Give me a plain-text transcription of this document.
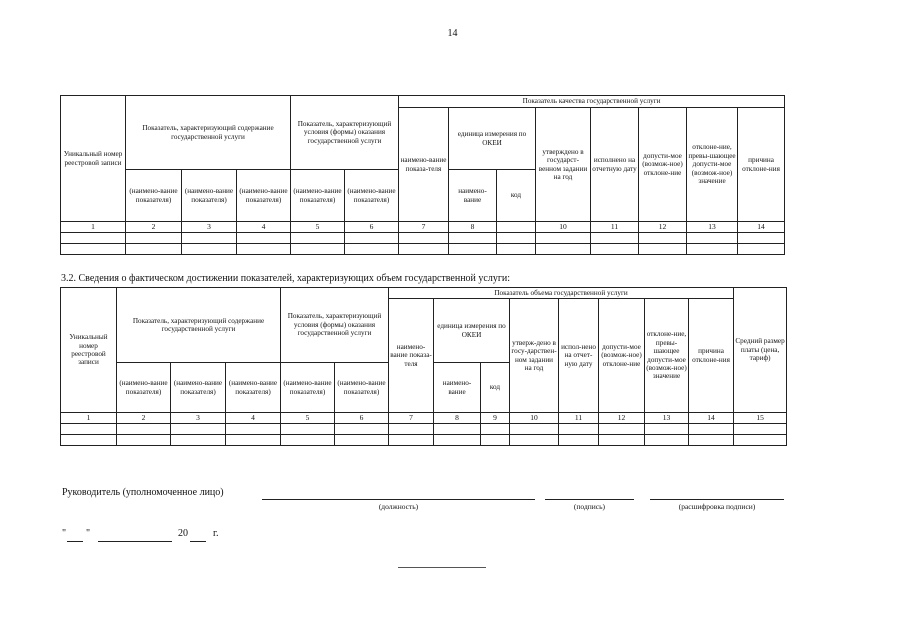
14
Уникальный номер реестровой записи	Показатель, характеризующий содержание государственной услуги			Показатель, характеризующий условия (формы) оказания государственной услуги		Показатель качества государственной услуги							
						наимено-вание показа-теля	единица измерения по ОКЕИ		утверждено в государст-венном задании на год	исполнено на отчетную дату	допусти-мое (возмож-ное) отклоне-ние	отклоне-ние, превы-шающее допусти-мое (возмож-ное) значение	причина отклоне-ния
	(наимено-вание показателя)	(наимено-вание показателя)	(наимено-вание показателя)	(наимено-вание показателя)	(наимено-вание показателя)		наимено-вание	код					
1	2	3	4	5	6	7	8		10	11	12	13	14

3.2. Сведения о фактическом достижении показателей, характеризующих объем государственной услуги:
Уникальный номер реестровой записи	Показатель, характеризующий содержание государственной услуги			Показатель, характеризующий условия (формы) оказания государственной услуги		Показатель объема государственной услуги								Средний размер платы (цена, тариф)
						наимено-вание показа-теля	единица измерения по ОКЕИ		утверж-дено в госу-дарствен-ном задании на год	испол-нено на отчет-ную дату	допусти-мое (возмож-ное) отклоне-ние	отклоне-ние, превы-шающее допусти-мое (возмож-ное) значение	причина отклоне-ния	
	(наимено-вание показателя)	(наимено-вание показателя)	(наимено-вание показателя)	(наимено-вание показателя)	(наимено-вание показателя)		наимено-вание	код						
1	2	3	4	5	6	7	8	9	10	11	12	13	14	15

Руководитель (уполномоченное лицо)
(должность)	(подпись)	(расшифровка подписи)
" "	20	г.
